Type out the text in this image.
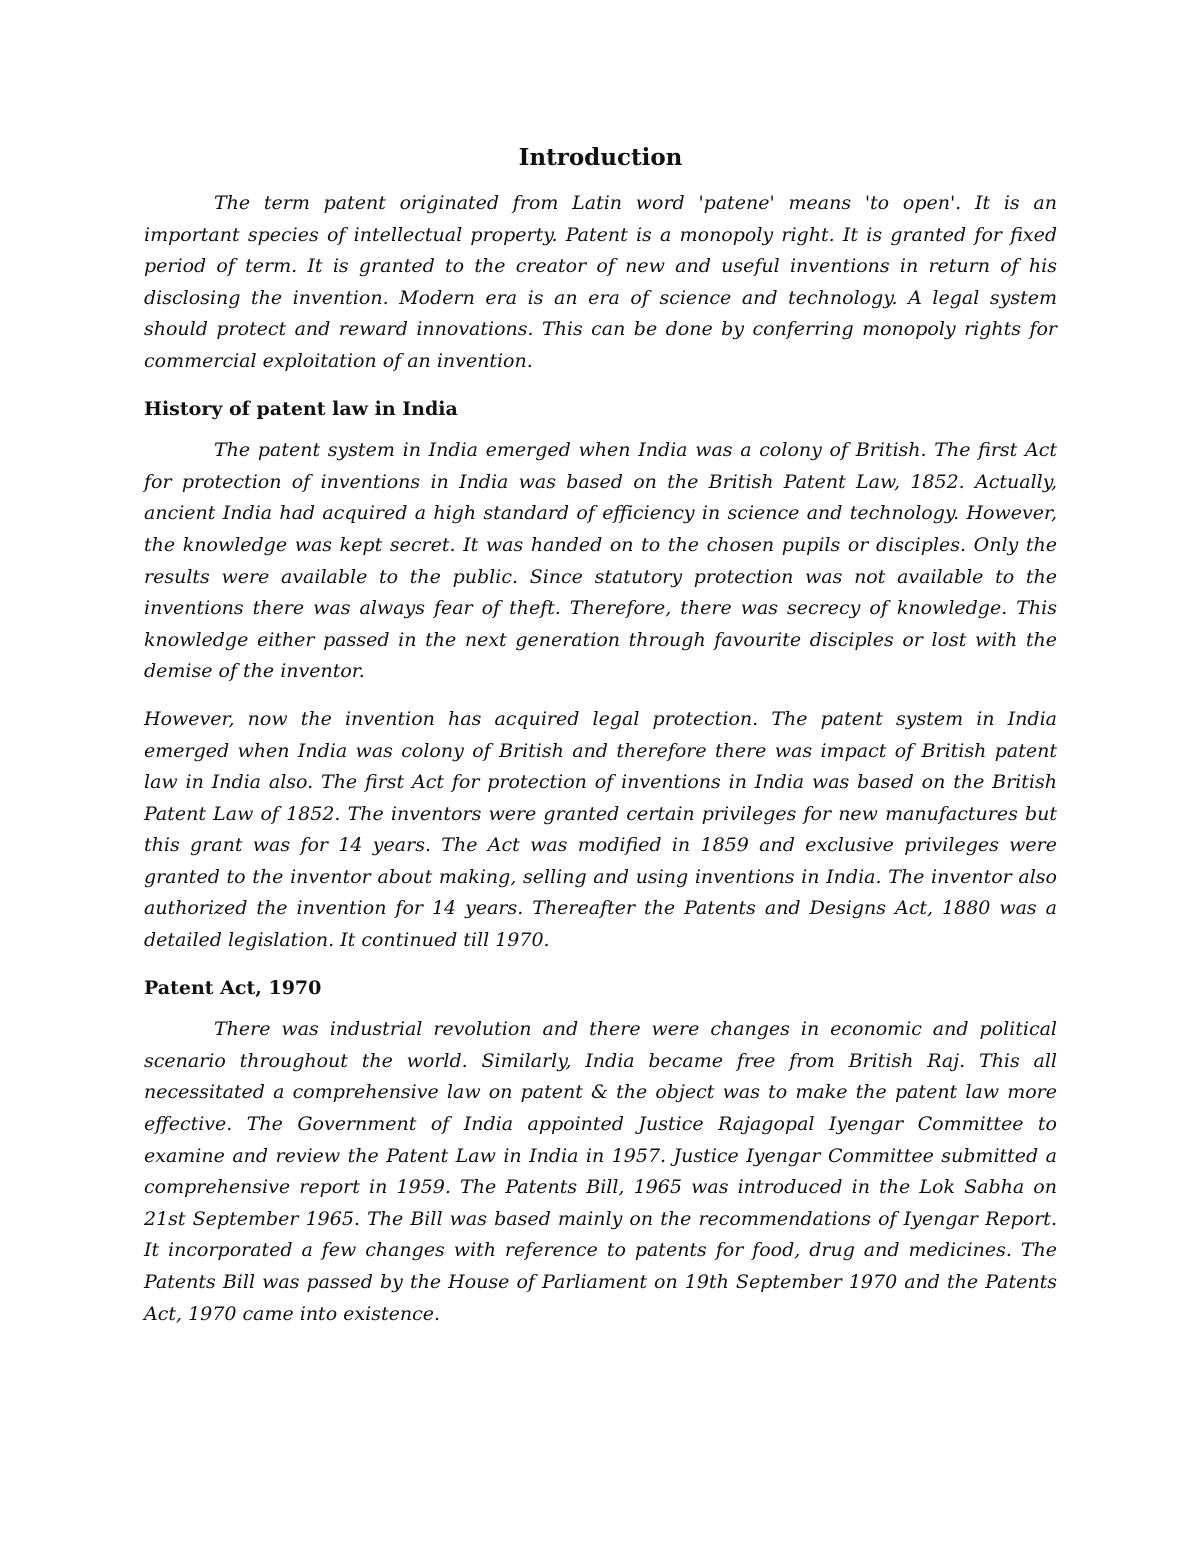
Introduction

The term patent originated from Latin word 'patene' means 'to open'. It is an important species of intellectual property. Patent is a monopoly right. It is granted for fixed period of term. It is granted to the creator of new and useful inventions in return of his disclosing the invention. Modern era is an era of science and technology. A legal system should protect and reward innovations. This can be done by conferring monopoly rights for commercial exploitation of an invention.

History of patent law in India

The patent system in India emerged when India was a colony of British. The first Act for protection of inventions in India was based on the British Patent Law, 1852. Actually, ancient India had acquired a high standard of efficiency in science and technology. However, the knowledge was kept secret. It was handed on to the chosen pupils or disciples. Only the results were available to the public. Since statutory protection was not available to the inventions there was always fear of theft. Therefore, there was secrecy of knowledge. This knowledge either passed in the next generation through favourite disciples or lost with the demise of the inventor.

However, now the invention has acquired legal protection. The patent system in India emerged when India was colony of British and therefore there was impact of British patent law in India also. The first Act for protection of inventions in India was based on the British Patent Law of 1852. The inventors were granted certain privileges for new manufactures but this grant was for 14 years. The Act was modified in 1859 and exclusive privileges were granted to the inventor about making, selling and using inventions in India. The inventor also authorized the invention for 14 years. Thereafter the Patents and Designs Act, 1880 was a detailed legislation. It continued till 1970.

Patent Act, 1970

There was industrial revolution and there were changes in economic and political scenario throughout the world. Similarly, India became free from British Raj. This all necessitated a comprehensive law on patent & the object was to make the patent law more effective. The Government of India appointed Justice Rajagopal Iyengar Committee to examine and review the Patent Law in India in 1957. Justice Iyengar Committee submitted a comprehensive report in 1959. The Patents Bill, 1965 was introduced in the Lok Sabha on 21st September 1965. The Bill was based mainly on the recommendations of Iyengar Report. It incorporated a few changes with reference to patents for food, drug and medicines. The Patents Bill was passed by the House of Parliament on 19th September 1970 and the Patents Act, 1970 came into existence.
